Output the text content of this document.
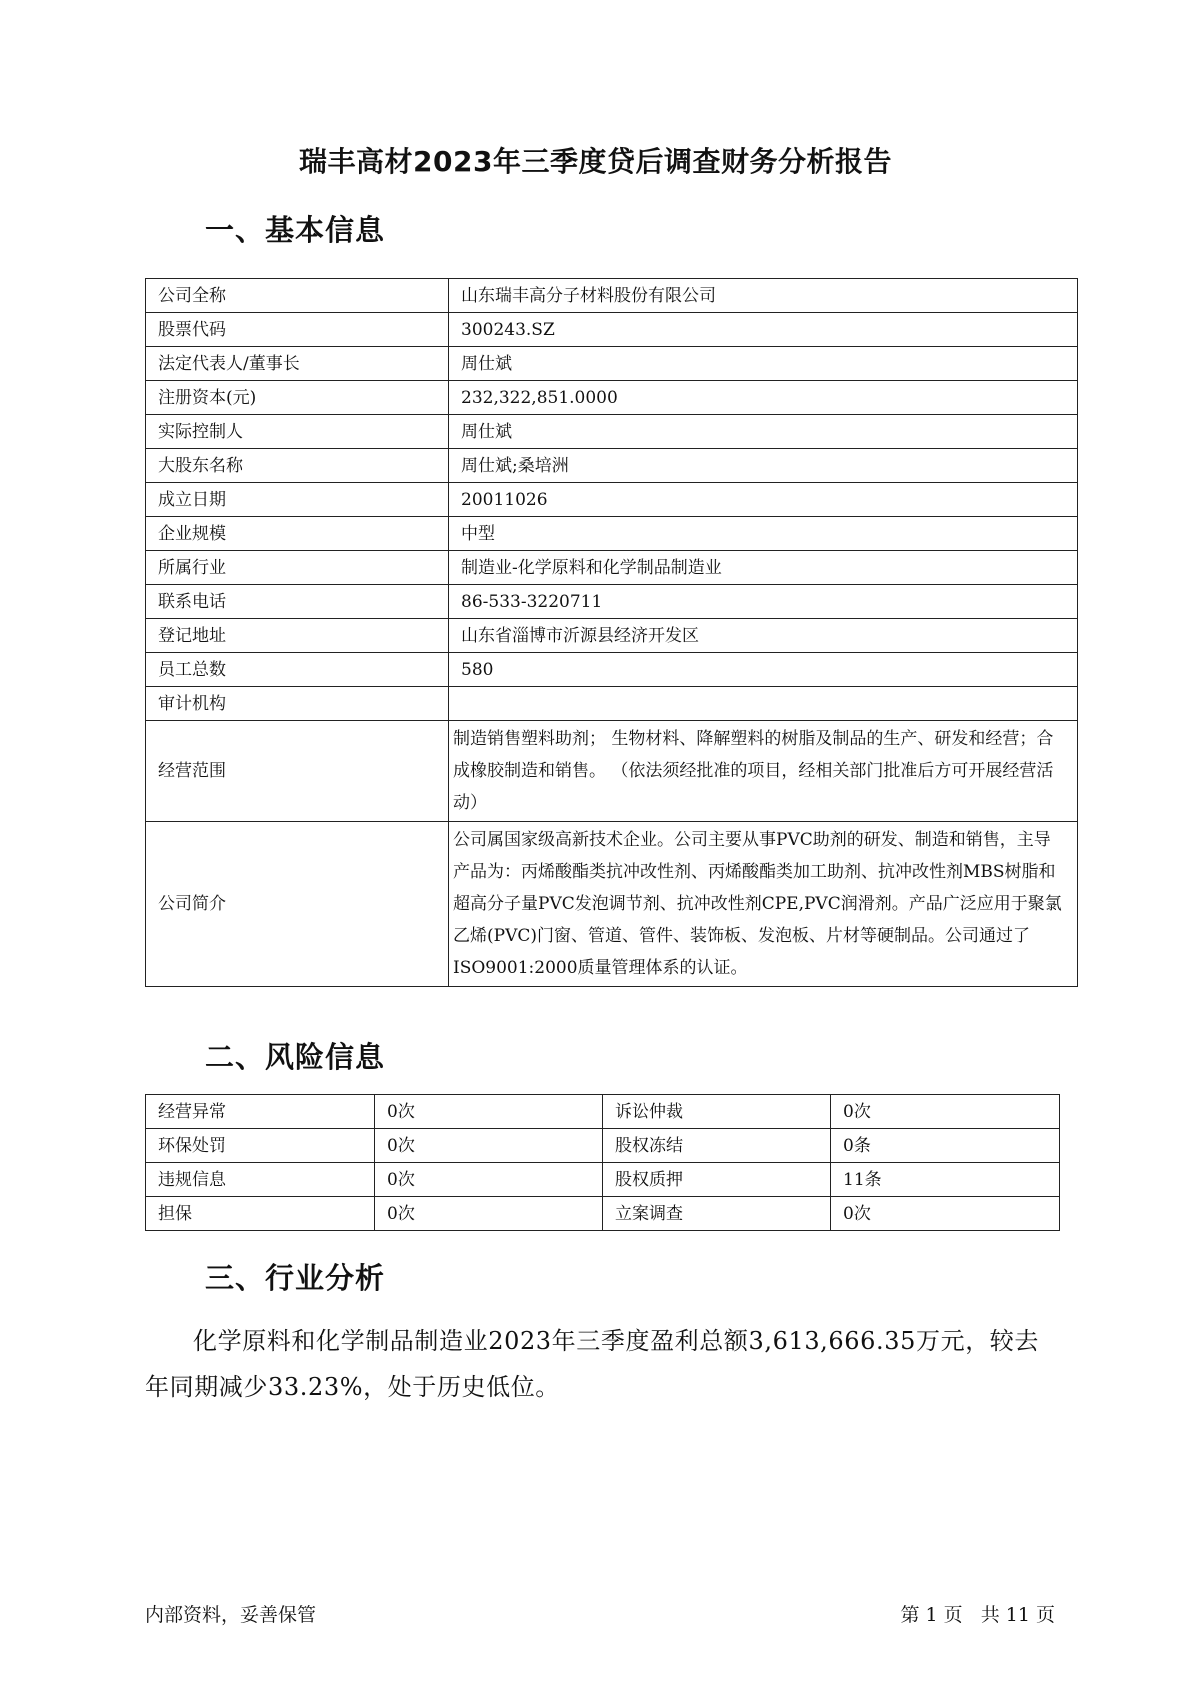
瑞丰高材2023年三季度贷后调查财务分析报告
一、基本信息
公司全称	山东瑞丰高分子材料股份有限公司
股票代码	300243.SZ
法定代表人/董事长	周仕斌
注册资本(元)	232,322,851.0000
实际控制人	周仕斌
大股东名称	周仕斌;桑培洲
成立日期	20011026
企业规模	中型
所属行业	制造业-化学原料和化学制品制造业
联系电话	86-533-3220711
登记地址	山东省淄博市沂源县经济开发区
员工总数	580
审计机构	
经营范围	制造销售塑料助剂； 生物材料、降解塑料的树脂及制品的生产、研发和经营；合成橡胶制造和销售。 （依法须经批准的项目，经相关部门批准后方可开展经营活动）
公司简介	公司属国家级高新技术企业。公司主要从事PVC助剂的研发、制造和销售，主导产品为：丙烯酸酯类抗冲改性剂、丙烯酸酯类加工助剂、抗冲改性剂MBS树脂和超高分子量PVC发泡调节剂、抗冲改性剂CPE,PVC润滑剂。产品广泛应用于聚氯乙烯(PVC)门窗、管道、管件、装饰板、发泡板、片材等硬制品。公司通过了ISO9001:2000质量管理体系的认证。
二、风险信息
经营异常	0次	诉讼仲裁	0次
环保处罚	0次	股权冻结	0条
违规信息	0次	股权质押	11条
担保	0次	立案调查	0次
三、行业分析
化学原料和化学制品制造业2023年三季度盈利总额3,613,666.35万元，较去年同期减少33.23%，处于历史低位。
内部资料，妥善保管	第 1 页   共 11 页
